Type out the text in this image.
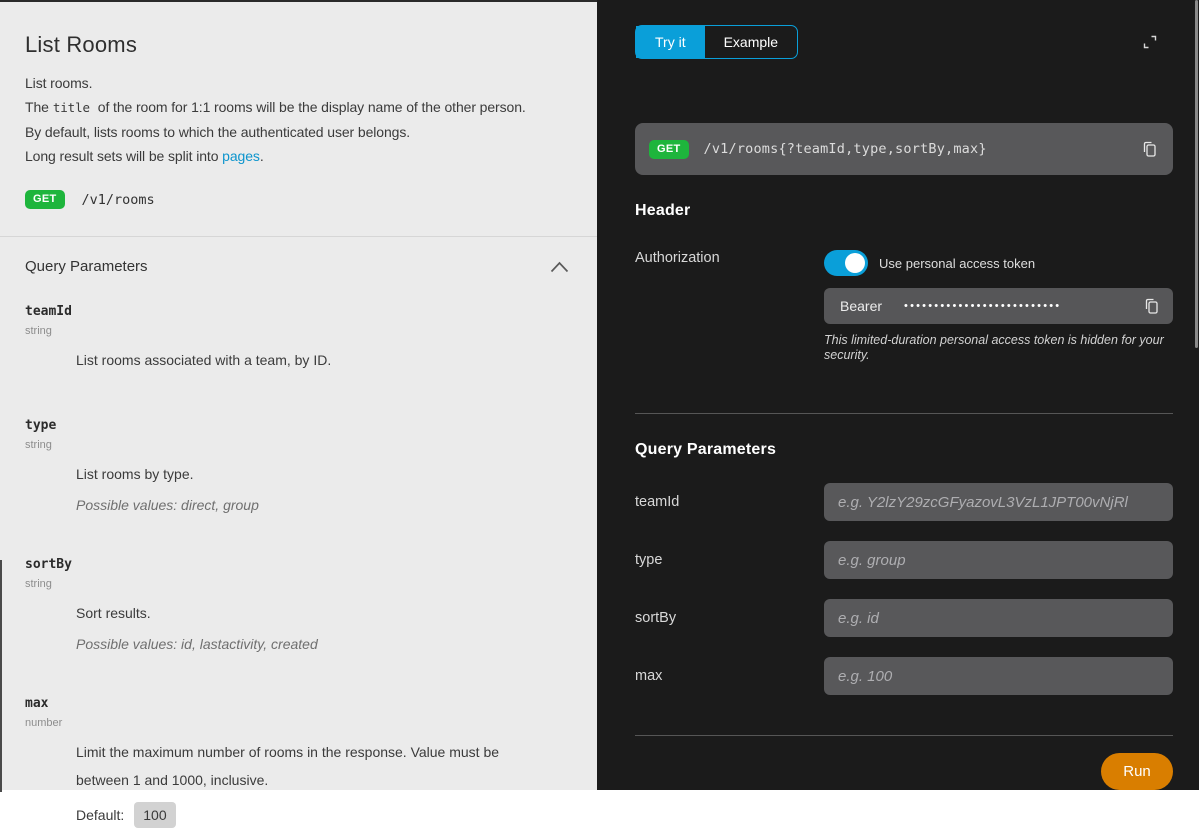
List Rooms
List rooms.
The title of the room for 1:1 rooms will be the display name of the other person.
By default, lists rooms to which the authenticated user belongs.
Long result sets will be split into pages.
GET	/v1/rooms
Query Parameters
teamId
string
List rooms associated with a team, by ID.
type
string
List rooms by type.
Possible values: direct, group
sortBy
string
Sort results.
Possible values: id, lastactivity, created
max
number
Limit the maximum number of rooms in the response. Value must be between 1 and 1000, inclusive.
Default:	100
Try it	Example
GET	/v1/rooms{?teamId,type,sortBy,max}
Header
Authorization	Use personal access token
Bearer ••••••••••••••••••••••••••
This limited-duration personal access token is hidden for your security.
Query Parameters
teamId
e.g. Y2lzY29zcGFyazovL3VzL1JPT00vNjRl
type
e.g. group
sortBy
e.g. id
max
e.g. 100
Run
